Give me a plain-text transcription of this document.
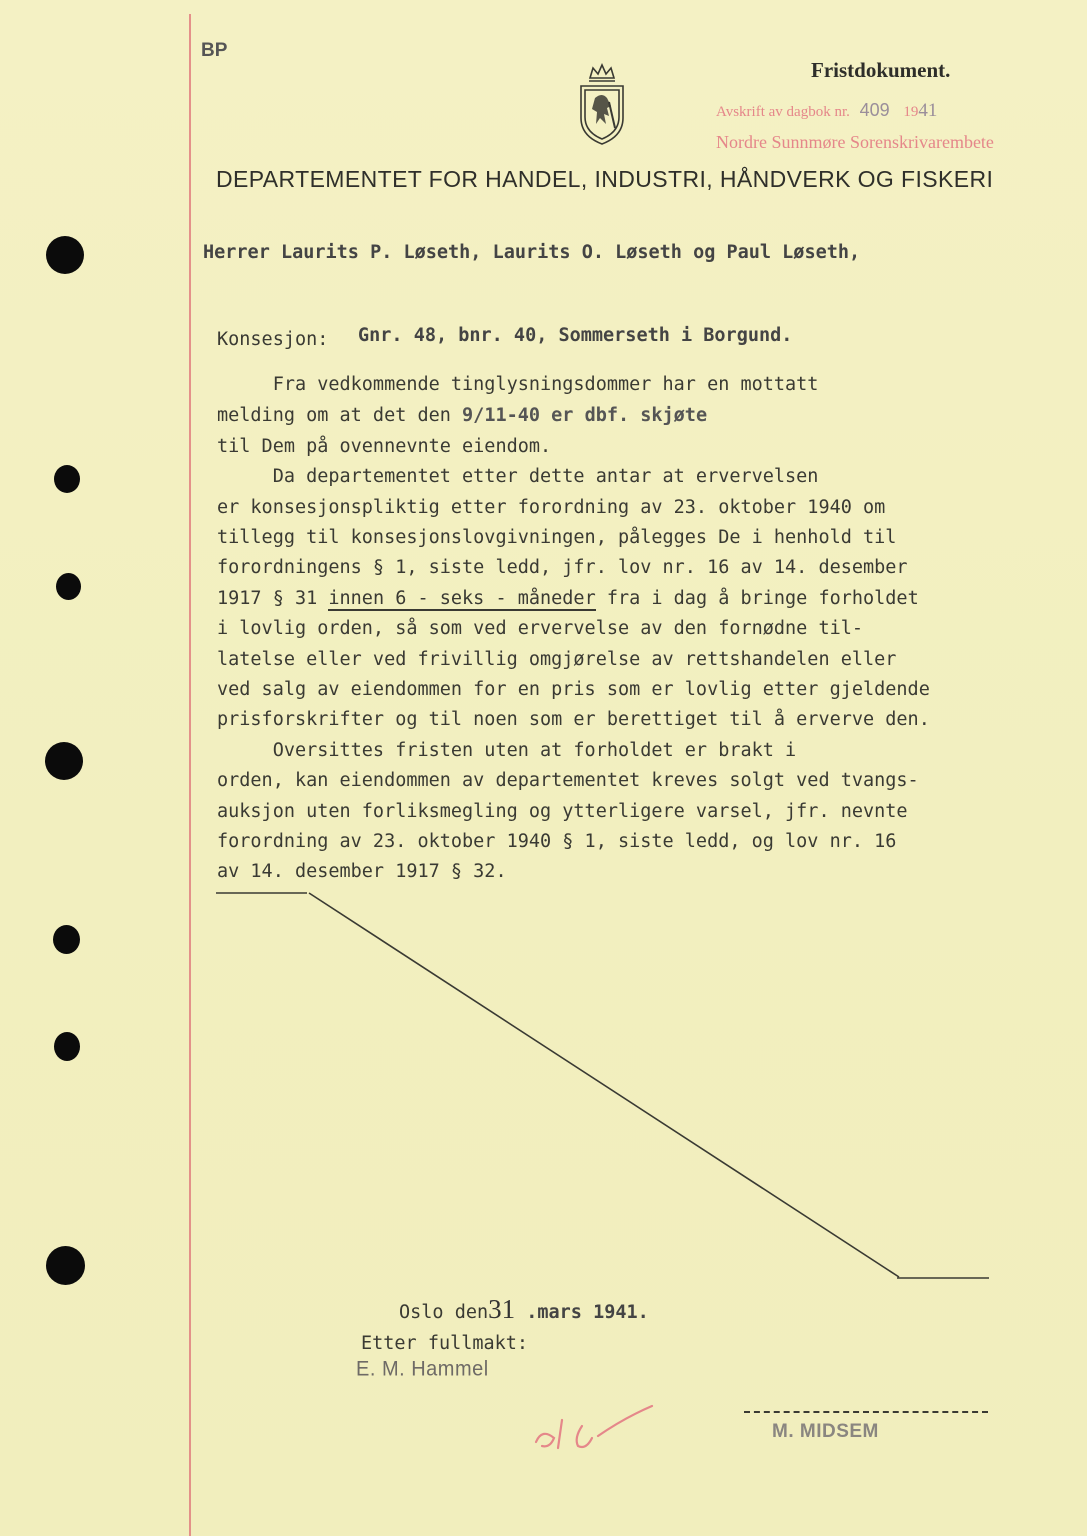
BP
Fristdokument.
Avskrift av dagbok nr. 409 1941
Nordre Sunnmøre Sorenskrivarembete
DEPARTEMENTET FOR HANDEL, INDUSTRI, HÅNDVERK OG FISKERI
Herrer Laurits P. Løseth, Laurits O. Løseth og Paul Løseth,
Konsesjon: Gnr. 48, bnr. 40, Sommerseth i Borgund.
Fra vedkommende tinglysningsdommer har en mottatt
melding om at det den 9/11-40 er dbf. skjøte
til Dem på ovennevnte eiendom.
Da departementet etter dette antar at ervervelsen
er konsesjonspliktig etter forordning av 23. oktober 1940 om
tillegg til konsesjonslovgivningen, pålegges De i henhold til
forordningens § 1, siste ledd, jfr. lov nr. 16 av 14. desember
1917 § 31 innen 6 - seks - måneder fra i dag å bringe forholdet
i lovlig orden, så som ved ervervelse av den fornødne til-
latelse eller ved frivillig omgjørelse av rettshandelen eller
ved salg av eiendommen for en pris som er lovlig etter gjeldende
prisforskrifter og til noen som er berettiget til å erverve den.
Oversittes fristen uten at forholdet er brakt i
orden, kan eiendommen av departementet kreves solgt ved tvangs-
auksjon uten forliksmegling og ytterligere varsel, jfr. nevnte
forordning av 23. oktober 1940 § 1, siste ledd, og lov nr. 16
av 14. desember 1917 § 32.
Oslo den31 .mars 1941.
Etter fullmakt:
E. M. Hammel
M. MIDSEM
